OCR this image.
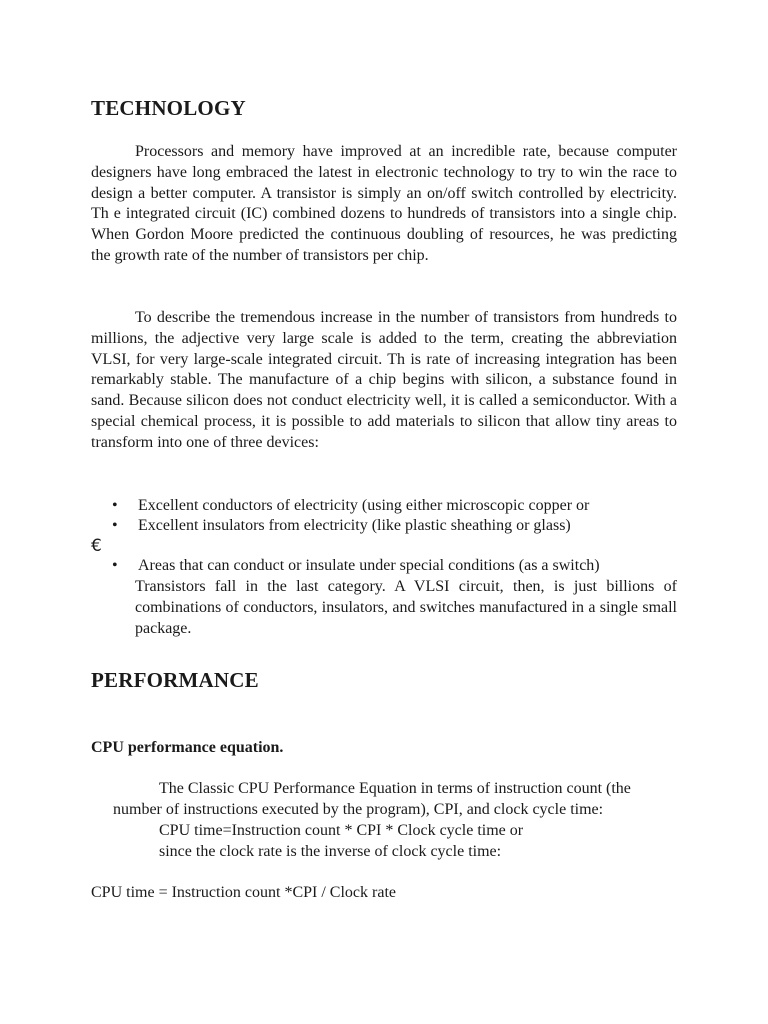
TECHNOLOGY

Processors and memory have improved at an incredible rate, because computer designers have long embraced the latest in electronic technology to try to win the race to design a better computer. A transistor is simply an on/off switch controlled by electricity. Th e integrated circuit (IC) combined dozens to hundreds of transistors into a single chip. When Gordon Moore predicted the continuous doubling of resources, he was predicting the growth rate of the number of transistors per chip.

To describe the tremendous increase in the number of transistors from hundreds to millions, the adjective very large scale is added to the term, creating the abbreviation VLSI, for very large-scale integrated circuit. Th is rate of increasing integration has been remarkably stable. The manufacture of a chip begins with silicon, a substance found in sand. Because silicon does not conduct electricity well, it is called a semiconductor. With a special chemical process, it is possible to add materials to silicon that allow tiny areas to transform into one of three devices:

• Excellent conductors of electricity (using either microscopic copper or
• Excellent insulators from electricity (like plastic sheathing or glass)
• Areas that can conduct or insulate under special conditions (as a switch)
€

Transistors fall in the last category. A VLSI circuit, then, is just billions of combinations of conductors, insulators, and switches manufactured in a single small package.

PERFORMANCE

CPU performance equation.

The Classic CPU Performance Equation in terms of instruction count (the number of instructions executed by the program), CPI, and clock cycle time:

CPU time=Instruction count * CPI * Clock cycle time or

since the clock rate is the inverse of clock cycle time:

CPU time = Instruction count *CPI / Clock rate
